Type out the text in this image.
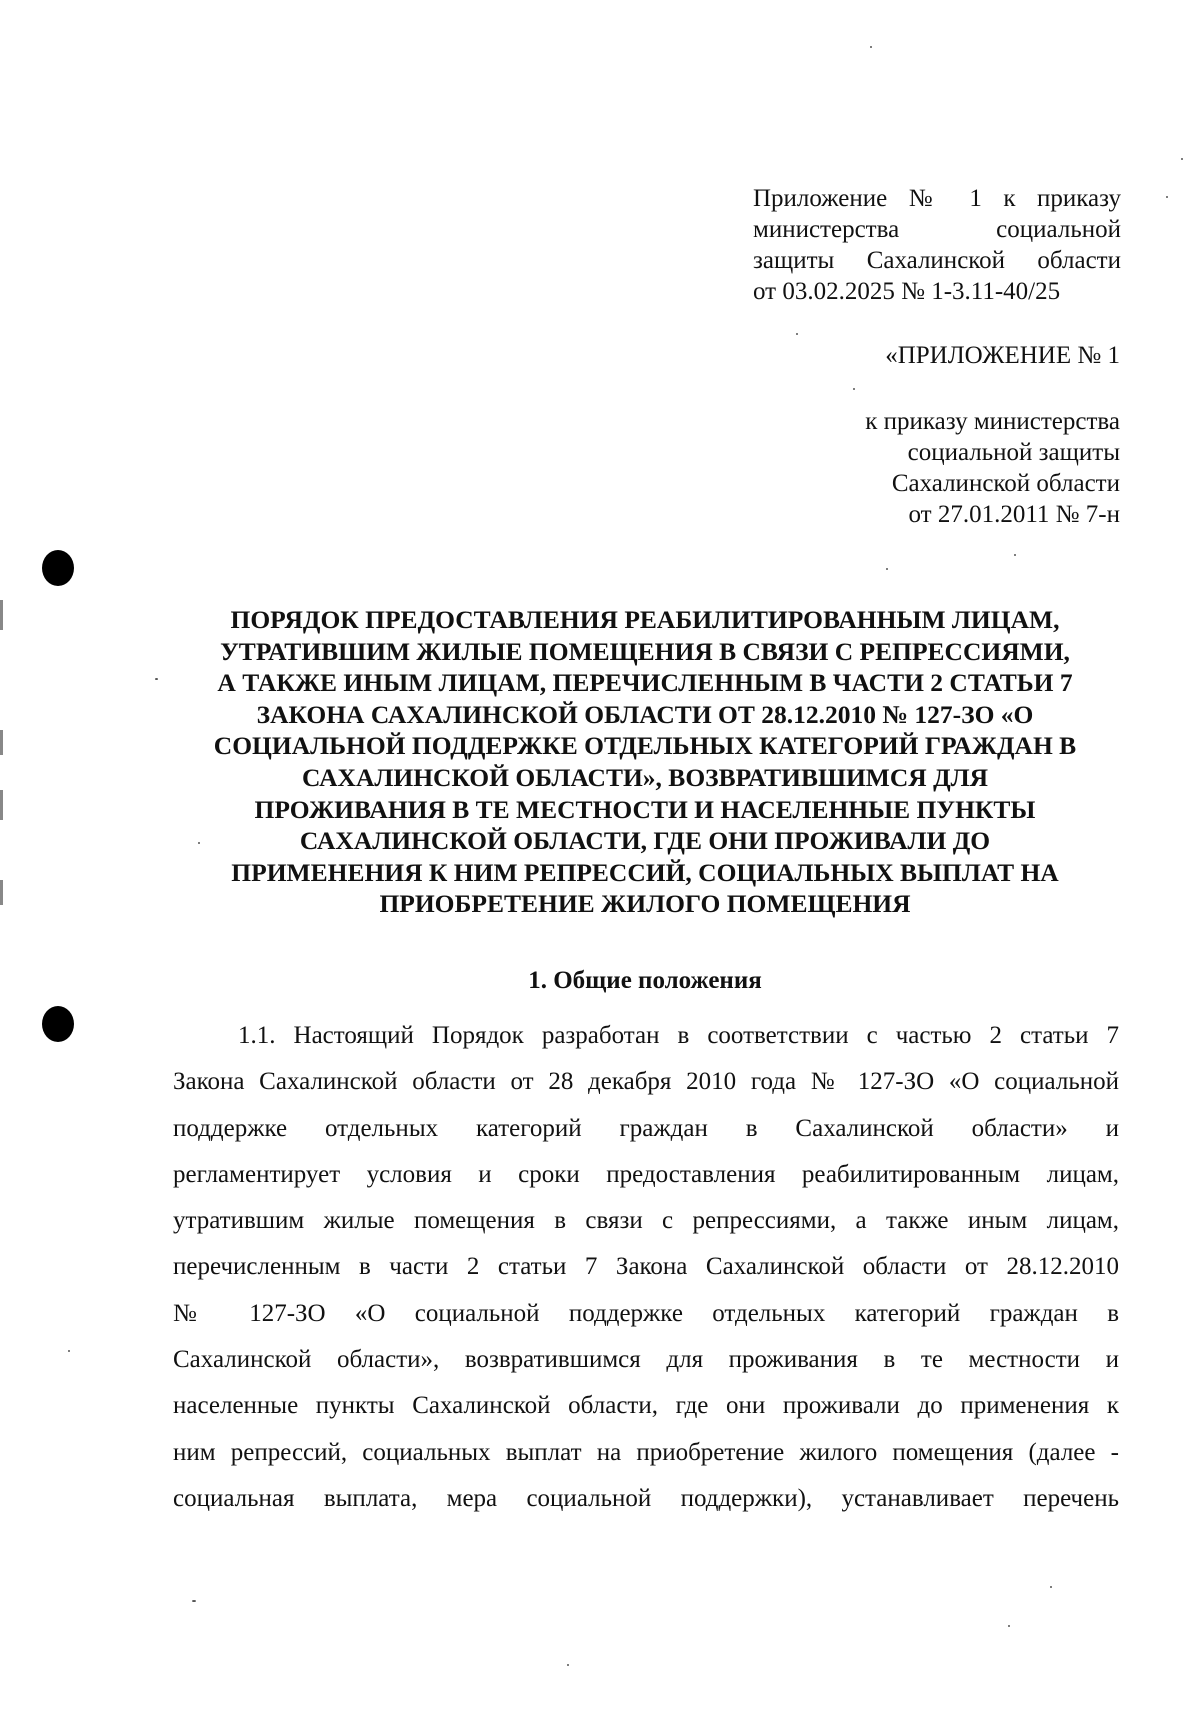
Приложение № 1 к приказу
министерства социальной
защиты Сахалинской области
от 03.02.2025 № 1-3.11-40/25
«ПРИЛОЖЕНИЕ № 1
к приказу министерства
социальной защиты
Сахалинской области
от 27.01.2011 № 7-н
ПОРЯДОК ПРЕДОСТАВЛЕНИЯ РЕАБИЛИТИРОВАННЫМ ЛИЦАМ,
УТРАТИВШИМ ЖИЛЫЕ ПОМЕЩЕНИЯ В СВЯЗИ С РЕПРЕССИЯМИ,
А ТАКЖЕ ИНЫМ ЛИЦАМ, ПЕРЕЧИСЛЕННЫМ В ЧАСТИ 2 СТАТЬИ 7
ЗАКОНА САХАЛИНСКОЙ ОБЛАСТИ ОТ 28.12.2010 № 127-ЗО «О
СОЦИАЛЬНОЙ ПОДДЕРЖКЕ ОТДЕЛЬНЫХ КАТЕГОРИЙ ГРАЖДАН В
САХАЛИНСКОЙ ОБЛАСТИ», ВОЗВРАТИВШИМСЯ ДЛЯ
ПРОЖИВАНИЯ В ТЕ МЕСТНОСТИ И НАСЕЛЕННЫЕ ПУНКТЫ
САХАЛИНСКОЙ ОБЛАСТИ, ГДЕ ОНИ ПРОЖИВАЛИ ДО
ПРИМЕНЕНИЯ К НИМ РЕПРЕССИЙ, СОЦИАЛЬНЫХ ВЫПЛАТ НА
ПРИОБРЕТЕНИЕ ЖИЛОГО ПОМЕЩЕНИЯ
1. Общие положения
1.1. Настоящий Порядок разработан в соответствии с частью 2 статьи 7
Закона Сахалинской области от 28 декабря 2010 года № 127-ЗО «О социальной
поддержке отдельных категорий граждан в Сахалинской области» и
регламентирует условия и сроки предоставления реабилитированным лицам,
утратившим жилые помещения в связи с репрессиями, а также иным лицам,
перечисленным в части 2 статьи 7 Закона Сахалинской области от 28.12.2010
№ 127-ЗО «О социальной поддержке отдельных категорий граждан в
Сахалинской области», возвратившимся для проживания в те местности и
населенные пункты Сахалинской области, где они проживали до применения к
ним репрессий, социальных выплат на приобретение жилого помещения (далее -
социальная выплата, мера социальной поддержки), устанавливает перечень
